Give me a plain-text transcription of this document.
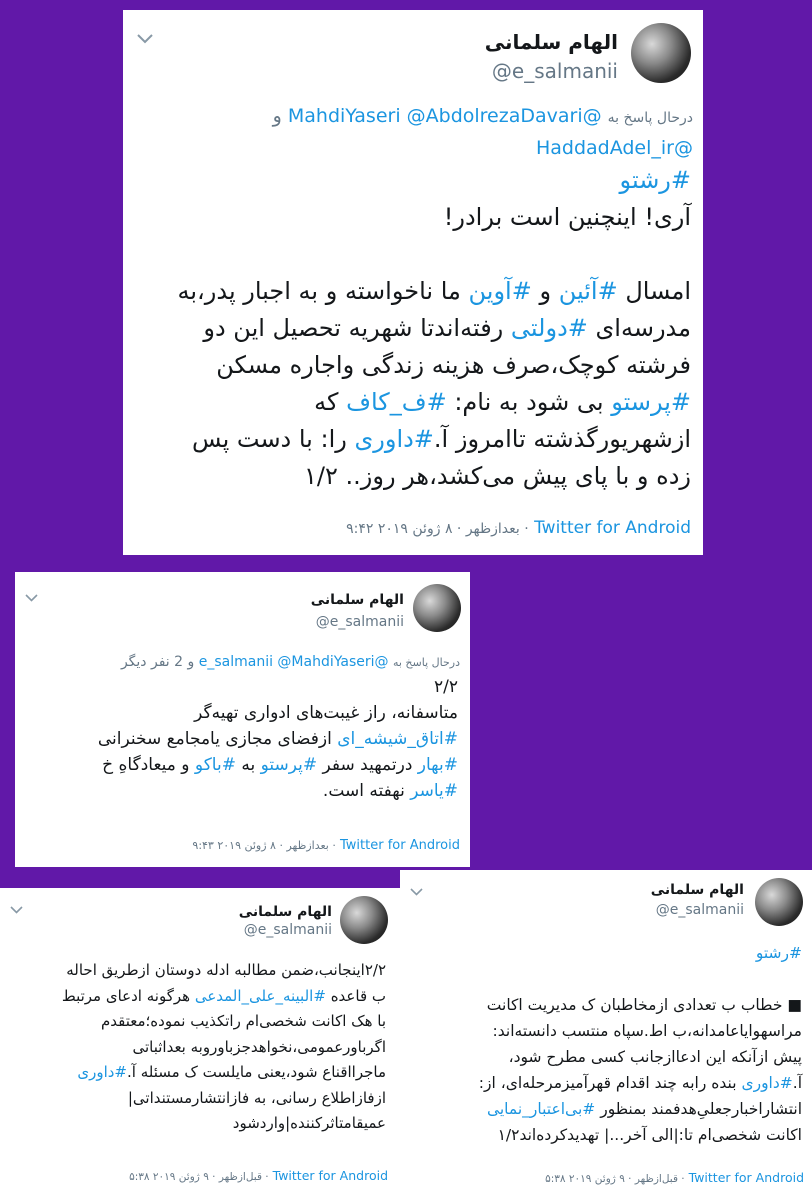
الهام سلمانی
@e_salmanii
درحال پاسخ به @MahdiYaseri @AbdolrezaDavari و
@HaddadAdel_ir
#رشتو
آری! اینچنین است برادر!

امسال #آئین و #آوین ما ناخواسته و به اجبار پدر،به
مدرسه‌ای #دولتی رفته‌اندتا شهریه تحصیل این دو
فرشته کوچک،صرف هزینه زندگی واجاره مسکن
#پرستو بی شود به نام: #ف_کاف که
ازشهریورگذشته تاامروز آ.#داوری را: با دست پس
زده و با پای پیش می‌کشد،هر روز.. ۱/۲
۹:۴۲ بعدازظهر · ۸ ژوئن ۲۰۱۹ · Twitter for Android
الهام سلمانی
@e_salmanii
درحال پاسخ به @e_salmanii @MahdiYaseri و 2 نفر دیگر
۲/۲
متاسفانه، راز غیبت‌های ادواری تهیه‌گر
#اتاق_شیشه_ای ازفضای مجازی یامجامع سخنرانی
#بهار درتمهید سفر #پرستو به #باکو و میعادگاهِ خ
#یاسر نهفته است.
۹:۴۳ بعدازظهر · ۸ ژوئن ۲۰۱۹ · Twitter for Android
الهام سلمانی
@e_salmanii
#رشتو

■ خطاب ب تعدادی ازمخاطبان ک مدیریت اکانت
مراسهوایاعامدانه،ب اط.سپاه منتسب دانسته‌اند:
پیش ازآنکه این ادعاازجانب کسی مطرح شود،
آ.#داوری بنده رابه چند اقدام قهرآمیزمرحله‌ای، از:
انتشاراخبارجعلیِ‌هدفمند بمنظور #بی‌اعتبار_نمایی
اکانت شخصی‌ام تا:|الی آخر...| تهدیدکرده‌اند۱/۲
۵:۳۸ قبل‌ازظهر · ۹ ژوئن ۲۰۱۹ · Twitter for Android
الهام سلمانی
@e_salmanii
۲/۲اینجانب،ضمن مطالبه ادله دوستان ازطریق احاله
ب قاعده #البینه_علی_المدعی هرگونه ادعای مرتبط
با هک اکانت شخصی‌ام راتکذیب نموده؛معتقدم
اگرباورعمومی،نخواهدجزباوروبه بعداثباتی
ماجرااقناع شود،یعنی مایلست ک مسئله آ.#داوری
ازفازاطلاع رسانی، به فازانتشارمستنداتی|
عمیقامتاثرکننده|واردشود
۵:۳۸ قبل‌ازظهر · ۹ ژوئن ۲۰۱۹ · Twitter for Android
